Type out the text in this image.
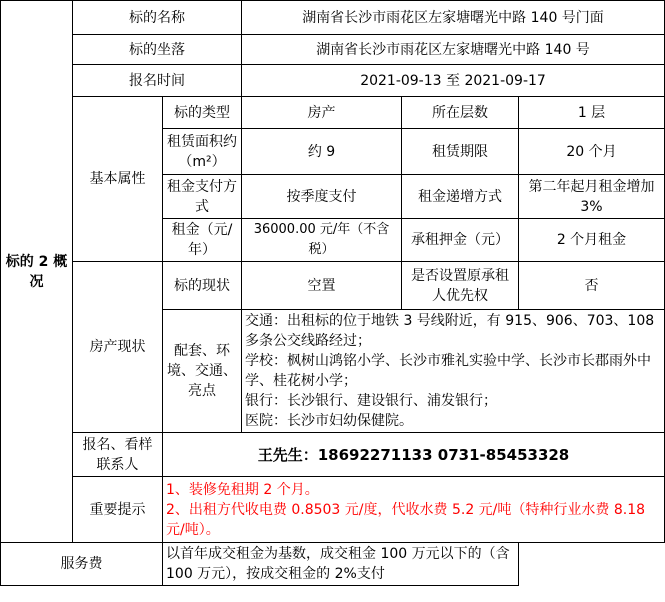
标的 2 概况	标的名称		湖南省长沙市雨花区左家塘曙光中路 140 号门面		
	标的坐落		湖南省长沙市雨花区左家塘曙光中路 140 号		
	报名时间		2021-09-13 至 2021-09-17		
	基本属性	标的类型	房产	所在层数	1 层
		租赁面积约（m²）	约 9	租赁期限	20 个月
		租金支付方式	按季度支付	租金递增方式	第二年起月租金增加 3%
		租金（元/年）	36000.00 元/年（不含税）	承租押金（元）	2 个月租金
	房产现状	标的现状	空置	是否设置原承租人优先权	否
		配套、环境、交通、亮点	交通：出租标的位于地铁 3 号线附近，有 915、906、703、108 多条公交线路经过；
学校：枫树山鸿铭小学、长沙市雅礼实验中学、长沙市长郡雨外中学、桂花树小学；
银行：长沙银行、建设银行、浦发银行；
医院：长沙市妇幼保健院。		

	报名、看样联系人	王先生：18692271133 0731-85453328			
	重要提示	1、装修免租期 2 个月。
2、出租方代收电费 0.8503 元/度，代收水费 5.2 元/吨（特种行业水费 8.18 元/吨）。			

服务费		以首年成交租金为基数，成交租金 100 万元以下的（含 100 万元），按成交租金的 2%支付			
